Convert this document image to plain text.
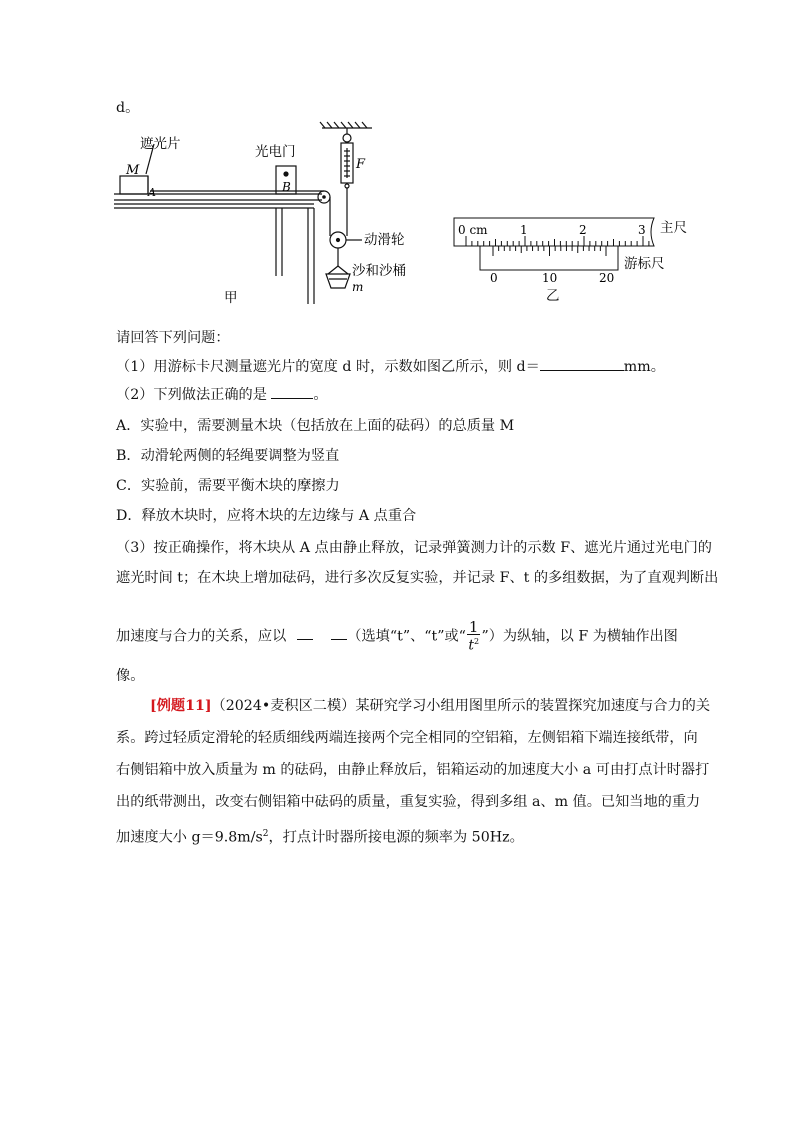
d。
遮光片	光电门
M
A	B
F
动滑轮
沙和沙桶
m
甲
0 cm	1	2	3 主尺
0	10	20
游标尺
乙
请回答下列问题：
（1）用游标卡尺测量遮光片的宽度 d 时，示数如图乙所示，则 d＝	mm。
（2）下列做法正确的是	。
A．实验中，需要测量木块（包括放在上面的砝码）的总质量 M
B．动滑轮两侧的轻绳要调整为竖直
C．实验前，需要平衡木块的摩擦力
D．释放木块时，应将木块的左边缘与 A 点重合
（3）按正确操作，将木块从 A 点由静止释放，记录弹簧测力计的示数 F、遮光片通过光电门的
遮光时间 t；在木块上增加砝码，进行多次反复实验，并记录 F、t 的多组数据，为了直观判断出
加速度与合力的关系，应以	（选填“t”、“t”或“ $\frac{1}{t^2}$ ”）为纵轴，以 F 为横轴作出图
像。
[例题11]（2024•麦积区二模）某研究学习小组用图里所示的装置探究加速度与合力的关
系。跨过轻质定滑轮的轻质细线两端连接两个完全相同的空铝箱，左侧铝箱下端连接纸带，向
右侧铝箱中放入质量为 m 的砝码，由静止释放后，铝箱运动的加速度大小 a 可由打点计时器打
出的纸带测出，改变右侧铝箱中砝码的质量，重复实验，得到多组 a、m 值。已知当地的重力
加速度大小 $g=9.8m/s^2$，打点计时器所接电源的频率为 50Hz。
